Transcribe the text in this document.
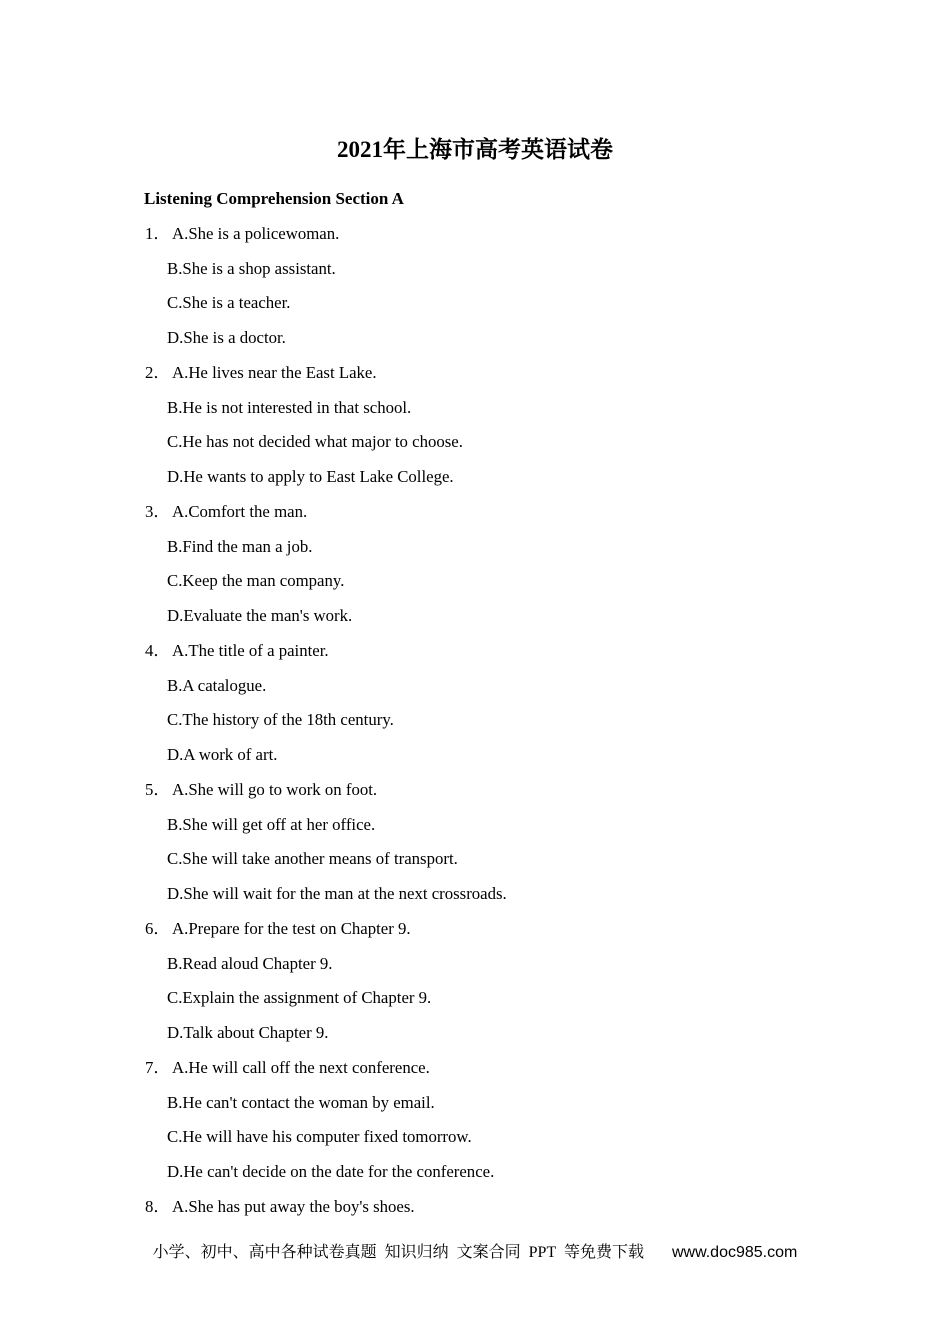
2021年上海市高考英语试卷
Listening Comprehension Section A
1． A.She is a policewoman.
B.She is a shop assistant.
C.She is a teacher.
D.She is a doctor.
2． A.He lives near the East Lake.
B.He is not interested in that school.
C.He has not decided what major to choose.
D.He wants to apply to East Lake College.
3． A.Comfort the man.
B.Find the man a job.
C.Keep the man company.
D.Evaluate the man's work.
4． A.The title of a painter.
B.A catalogue.
C.The history of the 18th century.
D.A work of art.
5． A.She will go to work on foot.
B.She will get off at her office.
C.She will take another means of transport.
D.She will wait for the man at the next crossroads.
6． A.Prepare for the test on Chapter 9.
B.Read aloud Chapter 9.
C.Explain the assignment of Chapter 9.
D.Talk about Chapter 9.
7． A.He will call off the next conference.
B.He can't contact the woman by email.
C.He will have his computer fixed tomorrow.
D.He can't decide on the date for the conference.
8． A.She has put away the boy's shoes.
小学、初中、高中各种试卷真题 知识归纳 文案合同 PPT 等免费下载 www.doc985.com
